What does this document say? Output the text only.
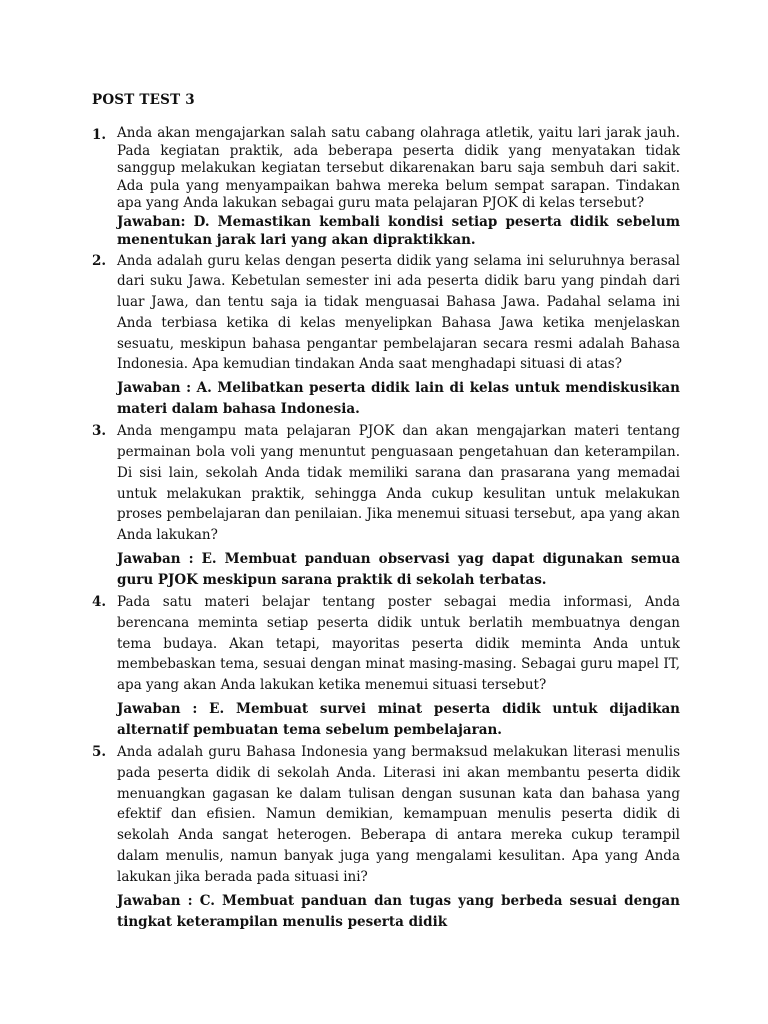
POST TEST 3
1. Anda akan mengajarkan salah satu cabang olahraga atletik, yaitu lari jarak jauh. Pada kegiatan praktik, ada beberapa peserta didik yang menyatakan tidak sanggup melakukan kegiatan tersebut dikarenakan baru saja sembuh dari sakit. Ada pula yang menyampaikan bahwa mereka belum sempat sarapan. Tindakan apa yang Anda lakukan sebagai guru mata pelajaran PJOK di kelas tersebut?

Jawaban: D. Memastikan kembali kondisi setiap peserta didik sebelum menentukan jarak lari yang akan dipraktikkan.

2. Anda adalah guru kelas dengan peserta didik yang selama ini seluruhnya berasal dari suku Jawa. Kebetulan semester ini ada peserta didik baru yang pindah dari luar Jawa, dan tentu saja ia tidak menguasai Bahasa Jawa. Padahal selama ini Anda terbiasa ketika di kelas menyelipkan Bahasa Jawa ketika menjelaskan sesuatu, meskipun bahasa pengantar pembelajaran secara resmi adalah Bahasa Indonesia. Apa kemudian tindakan Anda saat menghadapi situasi di atas?

Jawaban : A. Melibatkan peserta didik lain di kelas untuk mendiskusikan materi dalam bahasa Indonesia.

3. Anda mengampu mata pelajaran PJOK dan akan mengajarkan materi tentang permainan bola voli yang menuntut penguasaan pengetahuan dan keterampilan. Di sisi lain, sekolah Anda tidak memiliki sarana dan prasarana yang memadai untuk melakukan praktik, sehingga Anda cukup kesulitan untuk melakukan proses pembelajaran dan penilaian. Jika menemui situasi tersebut, apa yang akan Anda lakukan?

Jawaban : E. Membuat panduan observasi yag dapat digunakan semua guru PJOK meskipun sarana praktik di sekolah terbatas.

4. Pada satu materi belajar tentang poster sebagai media informasi, Anda berencana meminta setiap peserta didik untuk berlatih membuatnya dengan tema budaya. Akan tetapi, mayoritas peserta didik meminta Anda untuk membebaskan tema, sesuai dengan minat masing-masing. Sebagai guru mapel IT, apa yang akan Anda lakukan ketika menemui situasi tersebut?

Jawaban : E. Membuat survei minat peserta didik untuk dijadikan alternatif pembuatan tema sebelum pembelajaran.

5. Anda adalah guru Bahasa Indonesia yang bermaksud melakukan literasi menulis pada peserta didik di sekolah Anda. Literasi ini akan membantu peserta didik menuangkan gagasan ke dalam tulisan dengan susunan kata dan bahasa yang efektif dan efisien. Namun demikian, kemampuan menulis peserta didik di sekolah Anda sangat heterogen. Beberapa di antara mereka cukup terampil dalam menulis, namun banyak juga yang mengalami kesulitan. Apa yang Anda lakukan jika berada pada situasi ini?

Jawaban : C. Membuat panduan dan tugas yang berbeda sesuai dengan tingkat keterampilan menulis peserta didik
